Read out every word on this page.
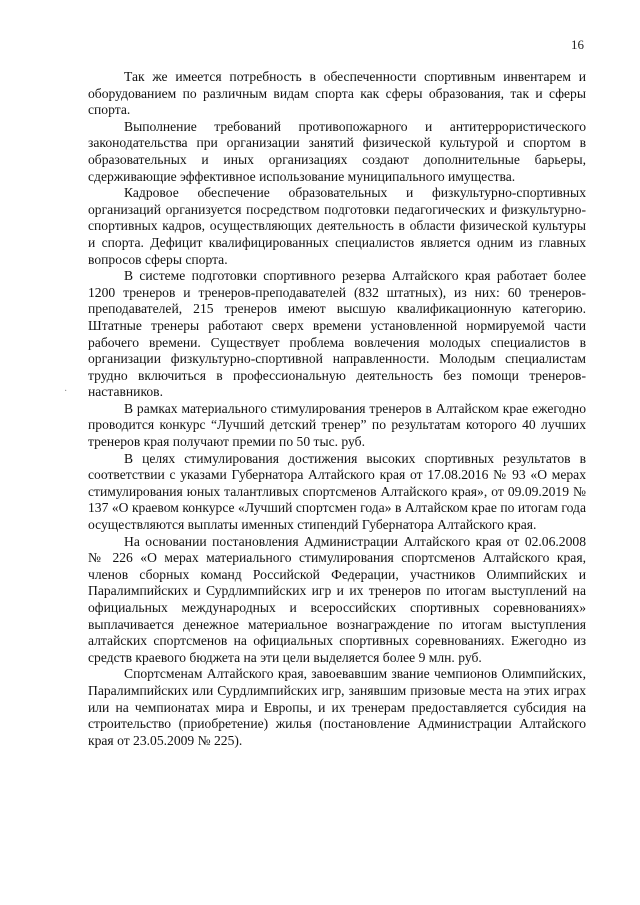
16
·

Так же имеется потребность в обеспеченности спортивным инвентарем и оборудованием по различным видам спорта как сферы образования, так и сферы спорта.

Выполнение требований противопожарного и антитеррористического законодательства при организации занятий физической культурой и спортом в образовательных и иных организациях создают дополнительные барьеры, сдерживающие эффективное использование муниципального имущества.

Кадровое обеспечение образовательных и физкультурно-спортивных организаций организуется посредством подготовки педагогических и физкультурно-спортивных кадров, осуществляющих деятельность в области физической культуры и спорта. Дефицит квалифицированных специалистов является одним из главных вопросов сферы спорта.

В системе подготовки спортивного резерва Алтайского края работает более 1200 тренеров и тренеров-преподавателей (832 штатных), из них: 60 тренеров-преподавателей, 215 тренеров имеют высшую квалификационную категорию. Штатные тренеры работают сверх времени установленной нормируемой части рабочего времени. Существует проблема вовлечения молодых специалистов в организации физкультурно-спортивной направленности. Молодым специалистам трудно включиться в профессиональную деятельность без помощи тренеров-наставников.

В рамках материального стимулирования тренеров в Алтайском крае ежегодно проводится конкурс “Лучший детский тренер” по результатам которого 40 лучших тренеров края получают премии по 50 тыс. руб.

В целях стимулирования достижения высоких спортивных результатов в соответствии с указами Губернатора Алтайского края от 17.08.2016 № 93 «О мерах стимулирования юных талантливых спортсменов Алтайского края», от 09.09.2019 № 137 «О краевом конкурсе «Лучший спортсмен года» в Алтайском крае по итогам года осуществляются выплаты именных стипендий Губернатора Алтайского края.

На основании постановления Администрации Алтайского края от 02.06.2008 № 226 «О мерах материального стимулирования спортсменов Алтайского края, членов сборных команд Российской Федерации, участников Олимпийских и Паралимпийских и Сурдлимпийских игр и их тренеров по итогам выступлений на официальных международных и всероссийских спортивных соревнованиях» выплачивается денежное материальное вознаграждение по итогам выступления алтайских спортсменов на официальных спортивных соревнованиях. Ежегодно из средств краевого бюджета на эти цели выделяется более 9 млн. руб.

Спортсменам Алтайского края, завоевавшим звание чемпионов Олимпийских, Паралимпийских или Сурдлимпийских игр, занявшим призовые места на этих играх или на чемпионатах мира и Европы, и их тренерам предоставляется субсидия на строительство (приобретение) жилья (постановление Администрации Алтайского края от 23.05.2009 № 225).
